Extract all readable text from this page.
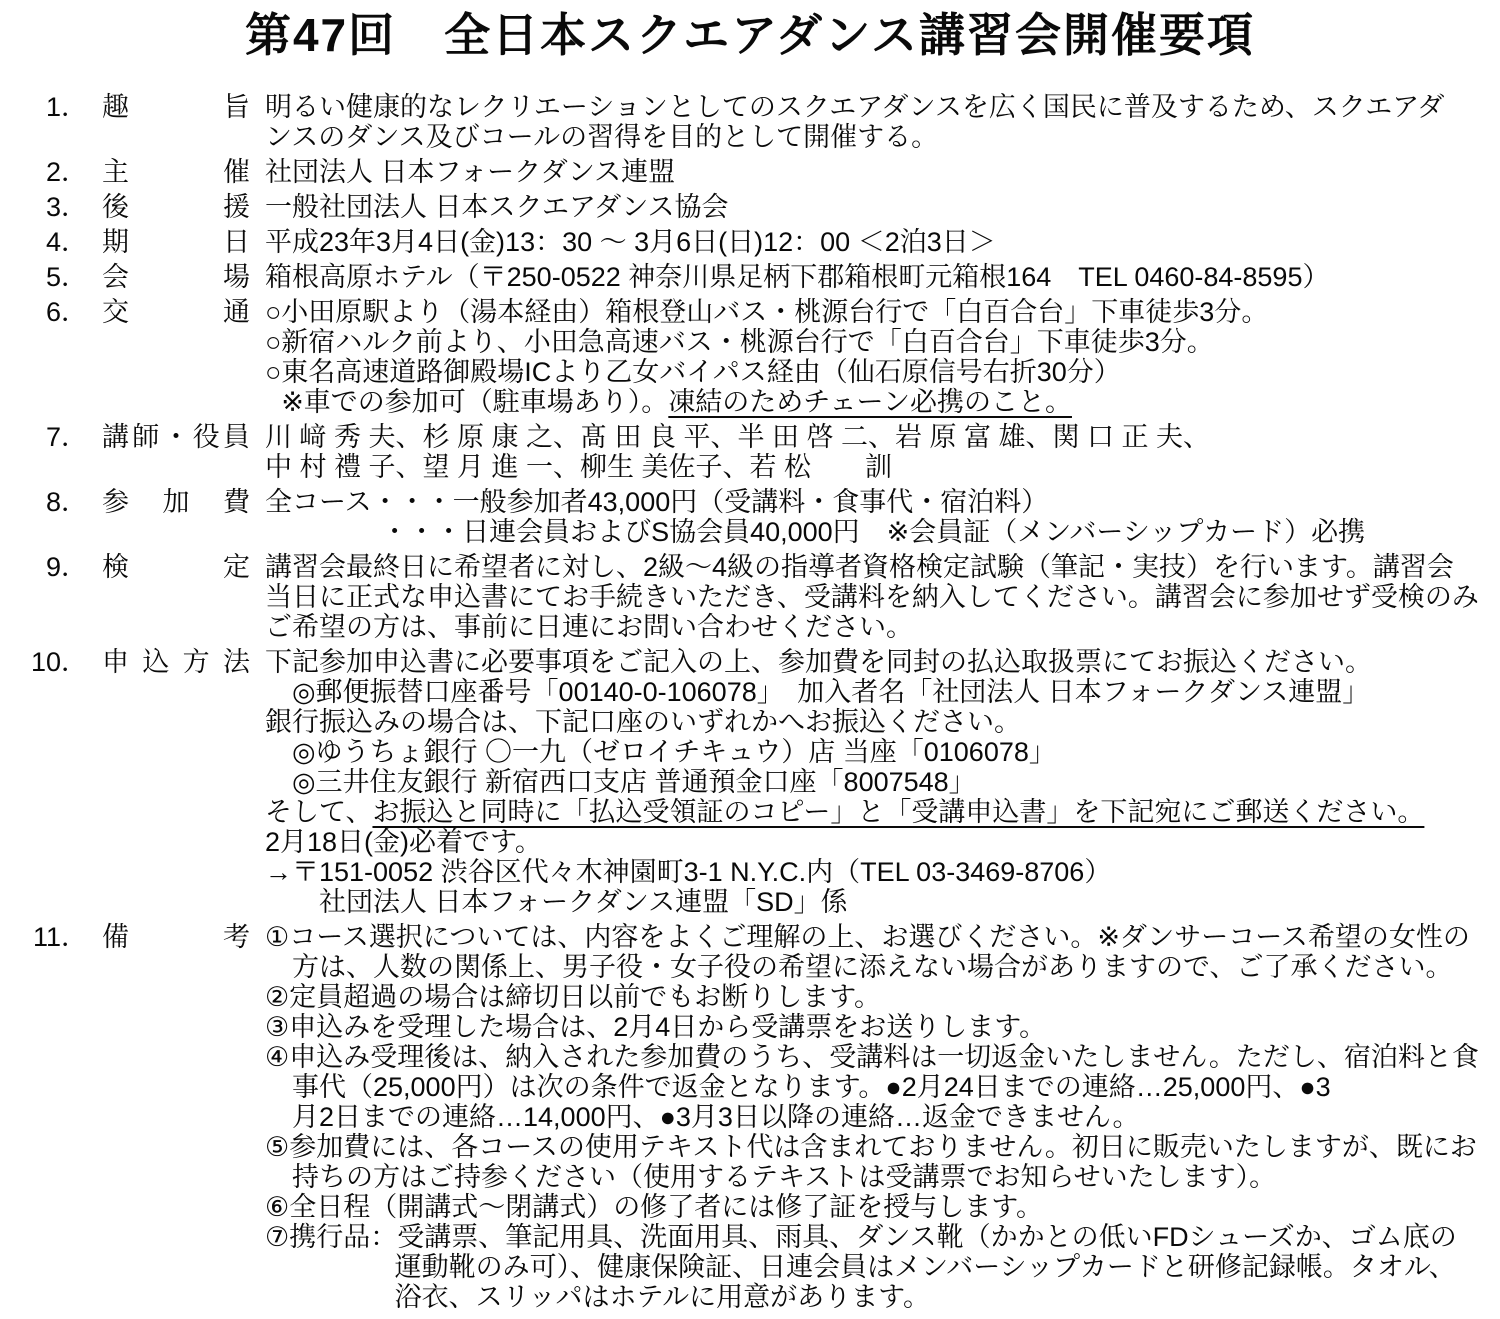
第47回　全日本スクエアダンス講習会開催要項
1． 趣旨 明るい健康的なレクリエーションとしてのスクエアダンスを広く国民に普及するため、スクエアダ
ンスのダンス及びコールの習得を目的として開催する。
2． 主催 社団法人 日本フォークダンス連盟
3． 後援 一般社団法人 日本スクエアダンス協会
4． 期日 平成23年3月4日(金)13：30 ～ 3月6日(日)12：00 ＜2泊3日＞
5． 会場 箱根高原ホテル（〒250-0522 神奈川県足柄下郡箱根町元箱根164　TEL 0460-84-8595）
6． 交通 ○小田原駅より（湯本経由）箱根登山バス・桃源台行で「白百合台」下車徒歩3分。
○新宿ハルク前より、小田急高速バス・桃源台行で「白百合台」下車徒歩3分。
○東名高速道路御殿場ICより乙女バイパス経由（仙石原信号右折30分）
※車での参加可（駐車場あり）。凍結のためチェーン必携のこと。
7． 講師・役員 川 﨑 秀 夫、杉 原 康 之、髙 田 良 平、半 田 啓 二、岩 原 富 雄、関 口 正 夫、
中 村 禮 子、望 月 進 一、柳生 美佐子、若 松　　訓
8． 参加費 全コース・・・一般参加者43,000円（受講料・食事代・宿泊料）
・・・日連会員およびS協会員40,000円　※会員証（メンバーシップカード）必携
9． 検定 講習会最終日に希望者に対し、2級～4級の指導者資格検定試験（筆記・実技）を行います。講習会
当日に正式な申込書にてお手続きいただき、受講料を納入してください。講習会に参加せず受検のみ
ご希望の方は、事前に日連にお問い合わせください。
10． 申込方法 下記参加申込書に必要事項をご記入の上、参加費を同封の払込取扱票にてお振込ください。
◎郵便振替口座番号「00140-0-106078」　加入者名「社団法人 日本フォークダンス連盟」
銀行振込みの場合は、下記口座のいずれかへお振込ください。
◎ゆうちょ銀行 〇一九（ゼロイチキュウ）店 当座「0106078」
◎三井住友銀行 新宿西口支店 普通預金口座「8007548」
そして、お振込と同時に「払込受領証のコピー」と「受講申込書」を下記宛にご郵送ください。
2月18日(金)必着です。
→〒151-0052 渋谷区代々木神園町3-1 N.Y.C.内（TEL 03-3469-8706）
社団法人 日本フォークダンス連盟「SD」係
11． 備考 ①コース選択については、内容をよくご理解の上、お選びください。※ダンサーコース希望の女性の
方は、人数の関係上、男子役・女子役の希望に添えない場合がありますので、ご了承ください。
②定員超過の場合は締切日以前でもお断りします。
③申込みを受理した場合は、2月4日から受講票をお送りします。
④申込み受理後は、納入された参加費のうち、受講料は一切返金いたしません。ただし、宿泊料と食
事代（25,000円）は次の条件で返金となります。●2月24日までの連絡…25,000円、●3
月2日までの連絡…14,000円、●3月3日以降の連絡…返金できません。
⑤参加費には、各コースの使用テキスト代は含まれておりません。初日に販売いたしますが、既にお
持ちの方はご持参ください（使用するテキストは受講票でお知らせいたします）。
⑥全日程（開講式～閉講式）の修了者には修了証を授与します。
⑦携行品：受講票、筆記用具、洗面用具、雨具、ダンス靴（かかとの低いFDシューズか、ゴム底の
運動靴のみ可）、健康保険証、日連会員はメンバーシップカードと研修記録帳。タオル、
浴衣、スリッパはホテルに用意があります。
